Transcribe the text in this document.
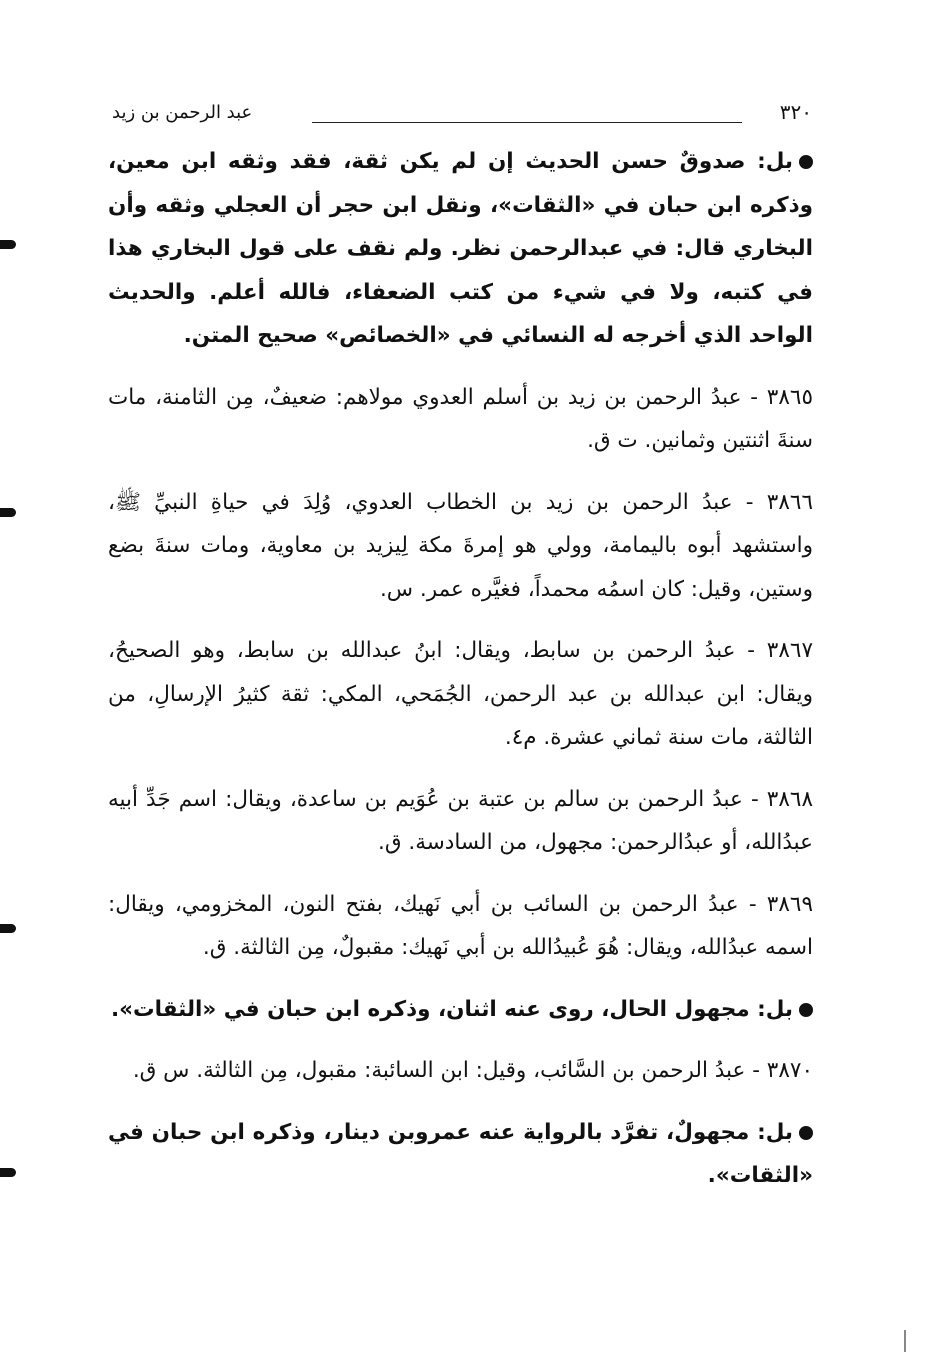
٣٢٠
عبد الرحمن بن زيد

بل: صدوقٌ حسن الحديث إن لم يكن ثقة، فقد وثقه ابن معين، وذكره ابن حبان في «الثقات»، ونقل ابن حجر أن العجلي وثقه وأن البخاري قال: في عبدالرحمن نظر. ولم نقف على قول البخاري هذا في كتبه، ولا في شيء من كتب الضعفاء، فالله أعلم. والحديث الواحد الذي أخرجه له النسائي في «الخصائص» صحيح المتن.

٣٨٦٥ - عبدُ الرحمن بن زيد بن أسلم العدوي مولاهم: ضعيفٌ، مِن الثامنة، مات سنةَ اثنتين وثمانين. ت ق.

٣٨٦٦ - عبدُ الرحمن بن زيد بن الخطاب العدوي، وُلِدَ في حياةِ النبيِّ ﷺ، واستشهد أبوه باليمامة، وولي هو إمرةَ مكة لِيزيد بن معاوية، ومات سنةَ بضع وستين، وقيل: كان اسمُه محمداً، فغيَّره عمر. س.

٣٨٦٧ - عبدُ الرحمن بن سابط، ويقال: ابنُ عبدالله بن سابط، وهو الصحيحُ، ويقال: ابن عبدالله بن عبد الرحمن، الجُمَحي، المكي: ثقة كثيرُ الإرسالِ، من الثالثة، مات سنة ثماني عشرة. م٤.

٣٨٦٨ - عبدُ الرحمن بن سالم بن عتبة بن عُوَيم بن ساعدة، ويقال: اسم جَدِّ أبيه عبدُالله، أو عبدُالرحمن: مجهول، من السادسة. ق.

٣٨٦٩ - عبدُ الرحمن بن السائب بن أبي نَهيك، بفتح النون، المخزومي، ويقال: اسمه عبدُالله، ويقال: هُوَ عُبيدُالله بن أبي نَهيك: مقبولٌ، مِن الثالثة. ق.

بل: مجهول الحال، روى عنه اثنان، وذكره ابن حبان في «الثقات».

٣٨٧٠ - عبدُ الرحمن بن السَّائب، وقيل: ابن السائبة: مقبول، مِن الثالثة. س ق.

بل: مجهولٌ، تفرَّد بالرواية عنه عمروبن دينار، وذكره ابن حبان في «الثقات».
